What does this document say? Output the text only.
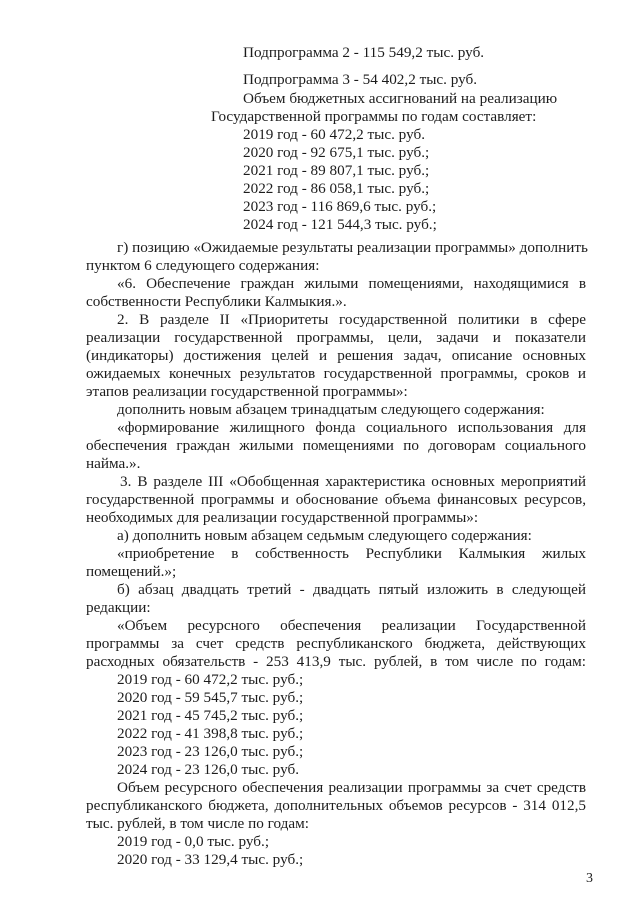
Подпрограмма 2 - 115 549,2 тыс. руб.
Подпрограмма 3 - 54 402,2 тыс. руб.
Объем бюджетных ассигнований на реализацию
Государственной программы по годам составляет:
2019 год - 60 472,2 тыс. руб.
2020 год - 92 675,1 тыс. руб.;
2021 год - 89 807,1 тыс. руб.;
2022 год - 86 058,1 тыс. руб.;
2023 год - 116 869,6 тыс. руб.;
2024 год - 121 544,3 тыс. руб.;
г) позицию «Ожидаемые результаты реализации программы» дополнить
пунктом 6 следующего содержания:
«6. Обеспечение граждан жилыми помещениями, находящимися в
собственности Республики Калмыкия.».
2. В разделе II «Приоритеты государственной политики в сфере
реализации государственной программы, цели, задачи и показатели
(индикаторы) достижения целей и решения задач, описание основных
ожидаемых конечных результатов государственной программы, сроков и
этапов реализации государственной программы»:
дополнить новым абзацем тринадцатым следующего содержания:
«формирование жилищного фонда социального использования для
обеспечения граждан жилыми помещениями по договорам социального
найма.».
3. В разделе III «Обобщенная характеристика основных мероприятий
государственной программы и обоснование объема финансовых ресурсов,
необходимых для реализации государственной программы»:
а) дополнить новым абзацем седьмым следующего содержания:
«приобретение в собственность Республики Калмыкия жилых
помещений.»;
б) абзац двадцать третий - двадцать пятый изложить в следующей
редакции:
«Объем ресурсного обеспечения реализации Государственной
программы за счет средств республиканского бюджета, действующих
расходных обязательств - 253 413,9 тыс. рублей, в том числе по годам:
2019 год - 60 472,2 тыс. руб.;
2020 год - 59 545,7 тыс. руб.;
2021 год - 45 745,2 тыс. руб.;
2022 год - 41 398,8 тыс. руб.;
2023 год - 23 126,0 тыс. руб.;
2024 год - 23 126,0 тыс. руб.
Объем ресурсного обеспечения реализации программы за счет средств
республиканского бюджета, дополнительных объемов ресурсов - 314 012,5
тыс. рублей, в том числе по годам:
2019 год - 0,0 тыс. руб.;
2020 год - 33 129,4 тыс. руб.;
3
